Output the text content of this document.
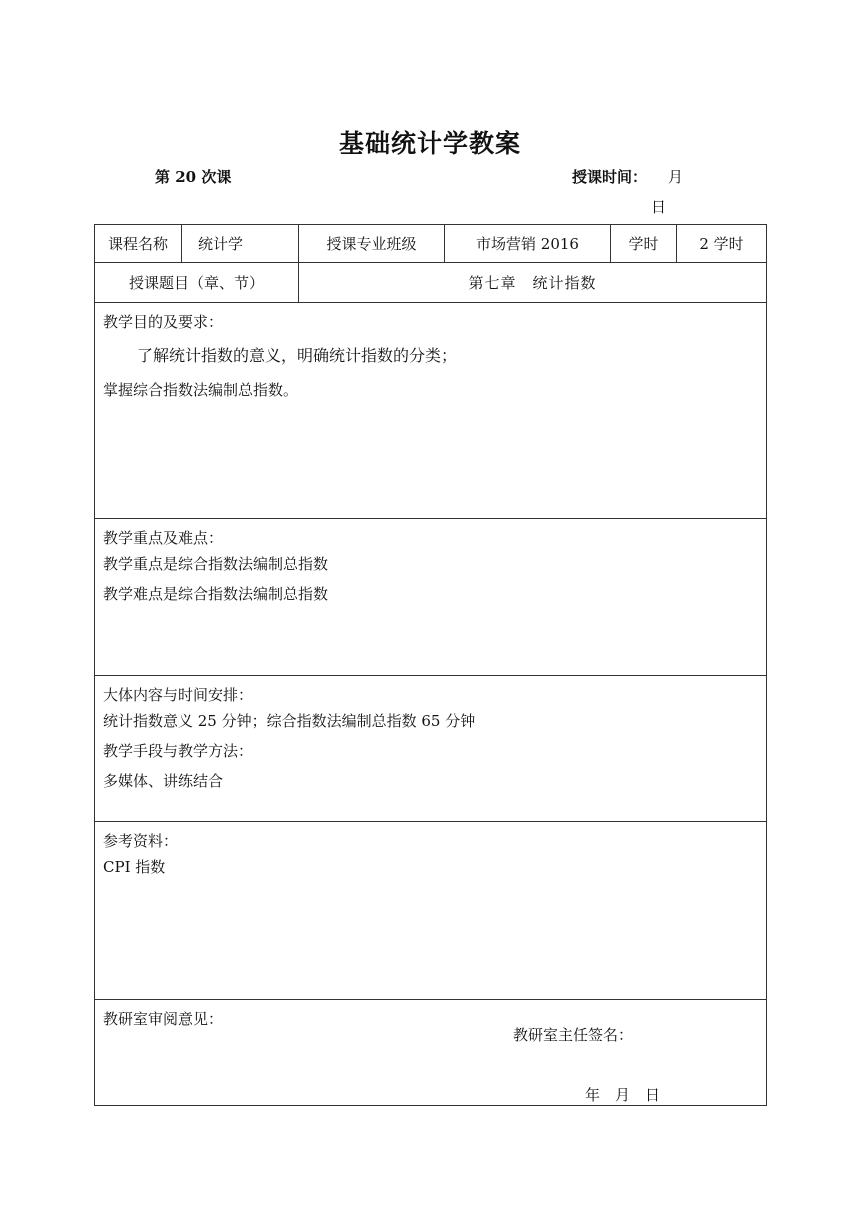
基础统计学教案
第 20 次课	授课时间： 月
日
课程名称	统计学	授课专业班级	市场营销 2016	学时	2 学时
授课题目（章、节）		第七章　统计指数			

教学目的及要求：
了解统计指数的意义，明确统计指数的分类；
掌握综合指数法编制总指数。					

教学重点及难点：
教学重点是综合指数法编制总指数
教学难点是综合指数法编制总指数					

大体内容与时间安排：
统计指数意义 25 分钟；综合指数法编制总指数 65 分钟
教学手段与教学方法：
多媒体、讲练结合					

参考资料：
CPI 指数					

教研室审阅意见：
教研室主任签名：
年　月　日					
